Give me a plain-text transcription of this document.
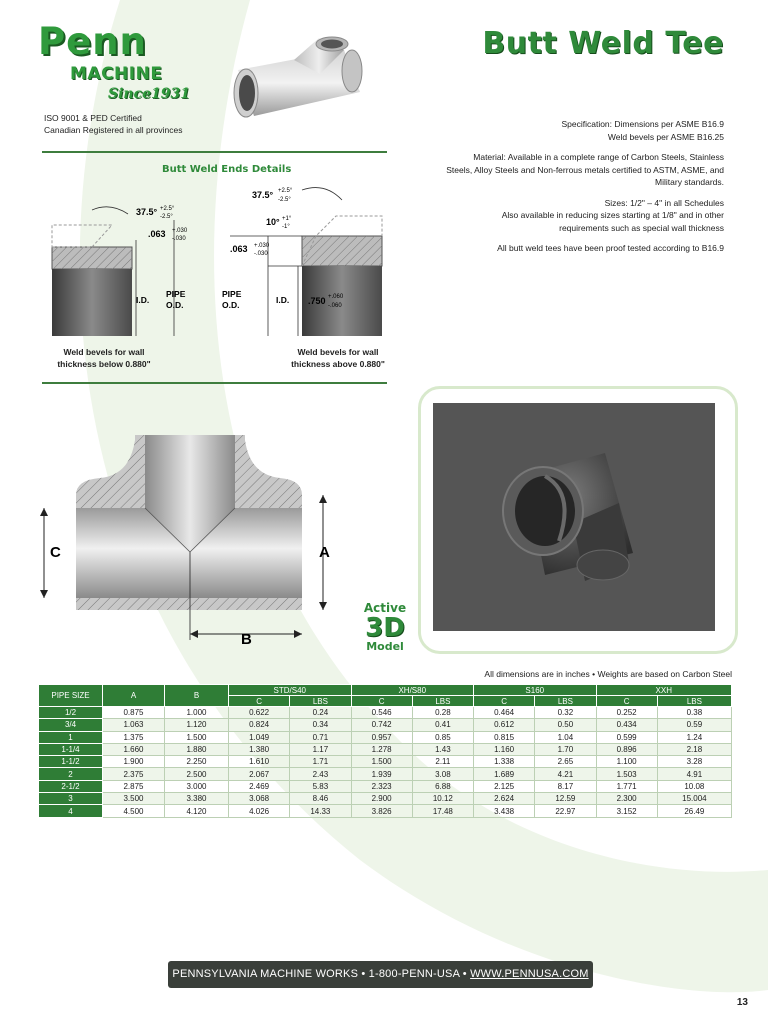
Penn
MACHINE
Since1931
Butt Weld Tee
ISO 9001 & PED Certified
Canadian Registered in all provinces

Specification: Dimensions per ASME B16.9
Weld bevels per ASME B16.25

Material: Available in a complete range of Carbon Steels, Stainless
Steels, Alloy Steels and Non-ferrous metals certified to ASTM, ASME, and
Military standards.

Sizes: 1/2" – 4" in all Schedules
Also available in reducing sizes starting at 1/8" and in other
requirements such as special wall thickness

All butt weld tees have been proof tested according to B16.9

Butt Weld Ends Details
37.5° +2.5°
-2.5°
.063 +.030
-.030
I.D.
PIPE
O.D.
37.5° +2.5°
-2.5°
10° +1°
-1°
.063 +.030
-.030
PIPE
O.D.	I.D. .750 +.060
-.060
Weld bevels for wall
thickness below 0.880"
Weld bevels for wall
thickness above 0.880"
C	A
B
Active
3D
Model
All dimensions are in inches • Weights are based on Carbon Steel
PIPE SIZE	A	B	STD/S40		XH/S80		S160		XXH	
			C	LBS	C	LBS	C	LBS	C	LBS
1/2	0.875	1.000	0.622	0.24	0.546	0.28	0.464	0.32	0.252	0.38
3/4	1.063	1.120	0.824	0.34	0.742	0.41	0.612	0.50	0.434	0.59
1	1.375	1.500	1.049	0.71	0.957	0.85	0.815	1.04	0.599	1.24
1-1/4	1.660	1.880	1.380	1.17	1.278	1.43	1.160	1.70	0.896	2.18
1-1/2	1.900	2.250	1.610	1.71	1.500	2.11	1.338	2.65	1.100	3.28
2	2.375	2.500	2.067	2.43	1.939	3.08	1.689	4.21	1.503	4.91
2-1/2	2.875	3.000	2.469	5.83	2.323	6.88	2.125	8.17	1.771	10.08
3	3.500	3.380	3.068	8.46	2.900	10.12	2.624	12.59	2.300	15.004
4	4.500	4.120	4.026	14.33	3.826	17.48	3.438	22.97	3.152	26.49
PENNSYLVANIA MACHINE WORKS • 1-800-PENN-USA • WWW.PENNUSA.COM
13
